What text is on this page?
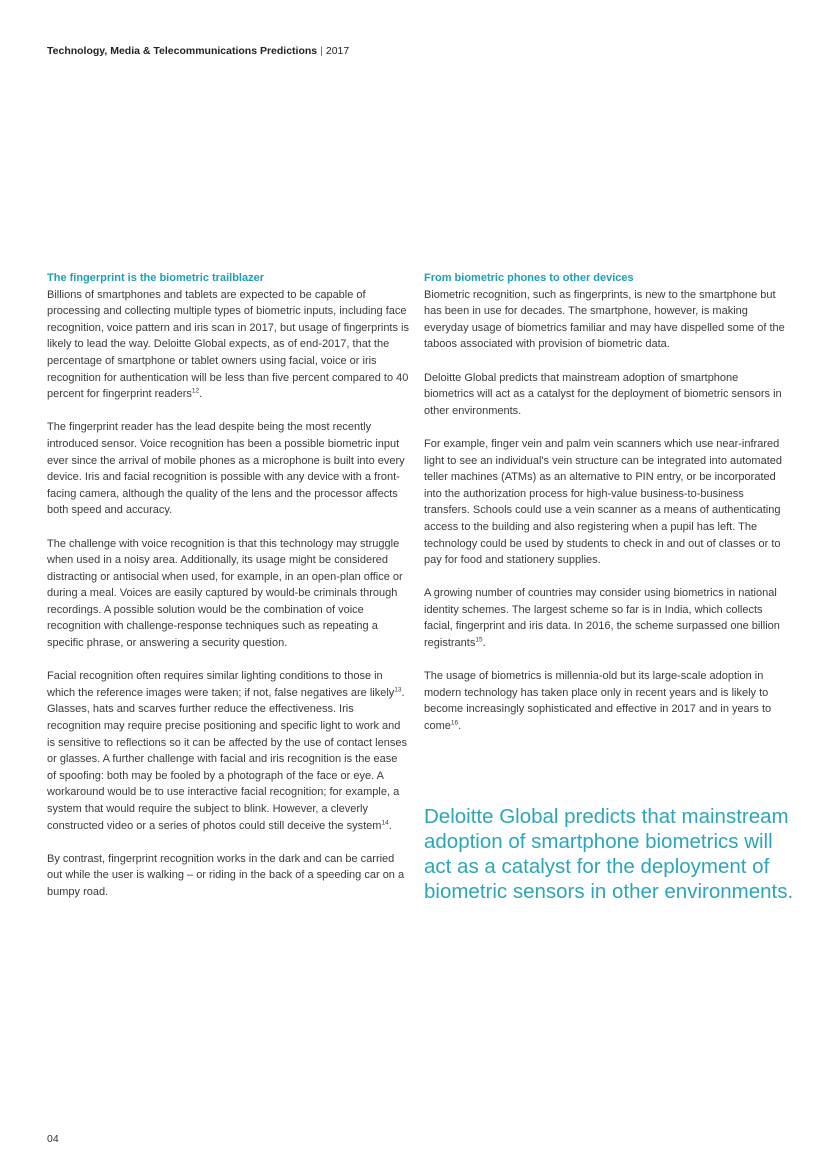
Technology, Media & Telecommunications Predictions | 2017
The fingerprint is the biometric trailblazer

Billions of smartphones and tablets are expected to be capable of processing and collecting multiple types of biometric inputs, including face recognition, voice pattern and iris scan in 2017, but usage of fingerprints is likely to lead the way. Deloitte Global expects, as of end-2017, that the percentage of smartphone or tablet owners using facial, voice or iris recognition for authentication will be less than five percent compared to 40 percent for fingerprint readers$^{12}$.

The fingerprint reader has the lead despite being the most recently introduced sensor. Voice recognition has been a possible biometric input ever since the arrival of mobile phones as a microphone is built into every device. Iris and facial recognition is possible with any device with a front-facing camera, although the quality of the lens and the processor affects both speed and accuracy.

The challenge with voice recognition is that this technology may struggle when used in a noisy area. Additionally, its usage might be considered distracting or antisocial when used, for example, in an open-plan office or during a meal. Voices are easily captured by would-be criminals through recordings. A possible solution would be the combination of voice recognition with challenge-response techniques such as repeating a specific phrase, or answering a security question.

Facial recognition often requires similar lighting conditions to those in which the reference images were taken; if not, false negatives are likely$^{13}$. Glasses, hats and scarves further reduce the effectiveness. Iris recognition may require precise positioning and specific light to work and is sensitive to reflections so it can be affected by the use of contact lenses or glasses. A further challenge with facial and iris recognition is the ease of spoofing: both may be fooled by a photograph of the face or eye. A workaround would be to use interactive facial recognition; for example, a system that would require the subject to blink. However, a cleverly constructed video or a series of photos could still deceive the system$^{14}$.

By contrast, fingerprint recognition works in the dark and can be carried out while the user is walking – or riding in the back of a speeding car on a bumpy road.

From biometric phones to other devices

Biometric recognition, such as fingerprints, is new to the smartphone but has been in use for decades. The smartphone, however, is making everyday usage of biometrics familiar and may have dispelled some of the taboos associated with provision of biometric data.

Deloitte Global predicts that mainstream adoption of smartphone biometrics will act as a catalyst for the deployment of biometric sensors in other environments.

For example, finger vein and palm vein scanners which use near-infrared light to see an individual's vein structure can be integrated into automated teller machines (ATMs) as an alternative to PIN entry, or be incorporated into the authorization process for high-value business-to-business transfers. Schools could use a vein scanner as a means of authenticating access to the building and also registering when a pupil has left. The technology could be used by students to check in and out of classes or to pay for food and stationery supplies.

A growing number of countries may consider using biometrics in national identity schemes. The largest scheme so far is in India, which collects facial, fingerprint and iris data. In 2016, the scheme surpassed one billion registrants$^{15}$.

The usage of biometrics is millennia-old but its large-scale adoption in modern technology has taken place only in recent years and is likely to become increasingly sophisticated and effective in 2017 and in years to come$^{16}$.

Deloitte Global predicts that mainstream adoption of smartphone biometrics will act as a catalyst for the deployment of biometric sensors in other environments.
04
